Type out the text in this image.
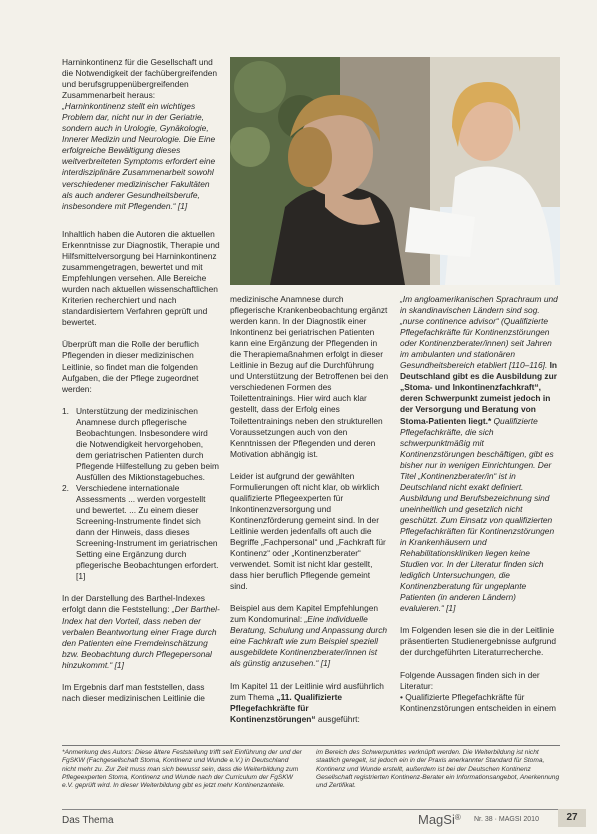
Harninkontinenz für die Gesellschaft und die Notwendigkeit der fachübergreifenden und berufsgruppenübergreifenden Zusammenarbeit heraus: „Harninkontinenz stellt ein wichtiges Problem dar, nicht nur in der Geriatrie, sondern auch in Urologie, Gynäkologie, Innerer Medizin und Neurologie. Die Eine erfolgreiche Bewältigung dieses weitverbreiteten Symptoms erfordert eine interdisziplinäre Zusammenarbeit sowohl verschiedener medizinischer Fakultäten als auch anderer Gesundheitsberufe, insbesondere mit Pflegenden.“ [1]

Inhaltlich haben die Autoren die aktuellen Erkenntnisse zur Diagnostik, Therapie und Hilfsmittelversorgung bei Harninkontinenz zusammengetragen, bewertet und mit Empfehlungen versehen. Alle Bereiche wurden nach aktuellen wissenschaftlichen Kriterien recherchiert und nach standardisiertem Verfahren geprüft und bewertet.

Überprüft man die Rolle der beruflich Pflegenden in dieser medizinischen Leitlinie, so findet man die folgenden Aufgaben, die der Pflege zugeordnet werden:

1. Unterstützung der medizinischen Anamnese durch pflegerische Beobachtungen. Insbesondere wird die Notwendigkeit hervorgehoben, dem geriatrischen Patienten durch Pflegende Hilfestellung zu geben beim Ausfüllen des Miktionstagebuches.
2. Verschiedene internationale Assessments ... werden vorgestellt und bewertet. ... Zu einem dieser Screening-Instrumente findet sich dann der Hinweis, dass dieses Screening-Instrument im geriatrischen Setting eine Ergänzung durch pflegerische Beobachtungen erfordert. [1]

In der Darstellung des Barthel-Indexes erfolgt dann die Feststellung: „Der Barthel-Index hat den Vorteil, dass neben der verbalen Beantwortung einer Frage durch den Patienten eine Fremdeinschätzung bzw. Beobachtung durch Pflegepersonal hinzukommt.“ [1]

Im Ergebnis darf man feststellen, dass nach dieser medizinischen Leitlinie die

medizinische Anamnese durch pflegerische Krankenbeobachtung ergänzt werden kann. In der Diagnostik einer Inkontinenz bei geriatrischen Patienten kann eine Ergänzung der Pflegenden in die Therapiemaßnahmen erfolgt in dieser Leitlinie in Bezug auf die Durchführung und Unterstützung der Betroffenen bei den verschiedenen Formen des Toilettentrainings. Hier wird auch klar gestellt, dass der Erfolg eines Toilettentrainings neben den strukturellen Voraussetzungen auch von den Kenntnissen der Pflegenden und deren Motivation abhängig ist.

Leider ist aufgrund der gewählten Formulierungen oft nicht klar, ob wirklich qualifizierte Pflegeexperten für Inkontinenzversorgung und Kontinenzförderung gemeint sind. In der Leitlinie werden jedenfalls oft auch die Begriffe „Fachpersonal“ und „Fachkraft für Kontinenz“ oder „Kontinenzberater“ verwendet. Somit ist nicht klar gestellt, dass hier beruflich Pflegende gemeint sind.

Beispiel aus dem Kapitel Empfehlungen zum Kondomurinal: „Eine individuelle Beratung, Schulung und Anpassung durch eine Fachkraft wie zum Beispiel speziell ausgebildete Kontinenzberater/innen ist als günstig anzusehen.“ [1]

Im Kapitel 11 der Leitlinie wird ausführlich zum Thema „11. Qualifizierte Pflegefachkräfte für Kontinenzstörungen“ ausgeführt:

„Im angloamerikanischen Sprachraum und in skandinavischen Ländern sind sog. „nurse continence advisor“ (Qualifizierte Pflegefachkräfte für Kontinenzstörungen oder Kontinenzberater/innen) seit Jahren im ambulanten und stationären Gesundheitsbereich etabliert [110–116]. In Deutschland gibt es die Ausbildung zur „Stoma- und Inkontinenzfachkraft“, deren Schwerpunkt zumeist jedoch in der Versorgung und Beratung von Stoma-Patienten liegt.* Qualifizierte Pflegefachkräfte, die sich schwerpunktmäßig mit Kontinenzstörungen beschäftigen, gibt es bisher nur in wenigen Einrichtungen. Der Titel „Kontinenzberater/in“ ist in Deutschland nicht exakt definiert. Ausbildung und Berufsbezeichnung sind uneinheitlich und gesetzlich nicht geschützt. Zum Einsatz von qualifizierten Pflegefachkräften für Kontinenzstörungen in Krankenhäusern und Rehabilitationskliniken liegen keine Studien vor. In der Literatur finden sich lediglich Untersuchungen, die Kontinenzberatung für ungeplante Patienten (in anderen Ländern) evaluieren.“ [1]

Im Folgenden lesen sie die in der Leitlinie präsentierten Studienergebnisse aufgrund der durchgeführten Literaturrecherche.

Folgende Aussagen finden sich in der Literatur:

• Qualifizierte Pflegefachkräfte für Kontinenzstörungen entscheiden in einem

*Anmerkung des Autors: Diese ältere Feststellung trifft seit Einführung der und der FgSKW (Fachgesellschaft Stoma, Kontinenz und Wunde e.V.) in Deutschland nicht mehr zu. Zur Zeit muss man sich bewusst sein, dass die Weiterbildung zum Pflegeexperten Stoma, Kontinenz und Wunde nach der Curriculum der FgSKW e.V. geprüft wird. In dieser Weiterbildung gibt es jetzt mehr Kontinenzanteile.
im Bereich des Schwerpunktes verknüpft werden. Die Weiterbildung ist nicht staatlich geregelt, ist jedoch ein in der Praxis anerkannter Standard für Stoma, Kontinenz und Wunde erstellt, außerdem ist bei der Deutschen Kontinenz Gesellschaft registrierten Kontinenz-Berater ein Informationsangebot, Anerkennung und Zertifikat.
Das Thema	MagSi® Nr. 38 · MAGSI 2010	27
